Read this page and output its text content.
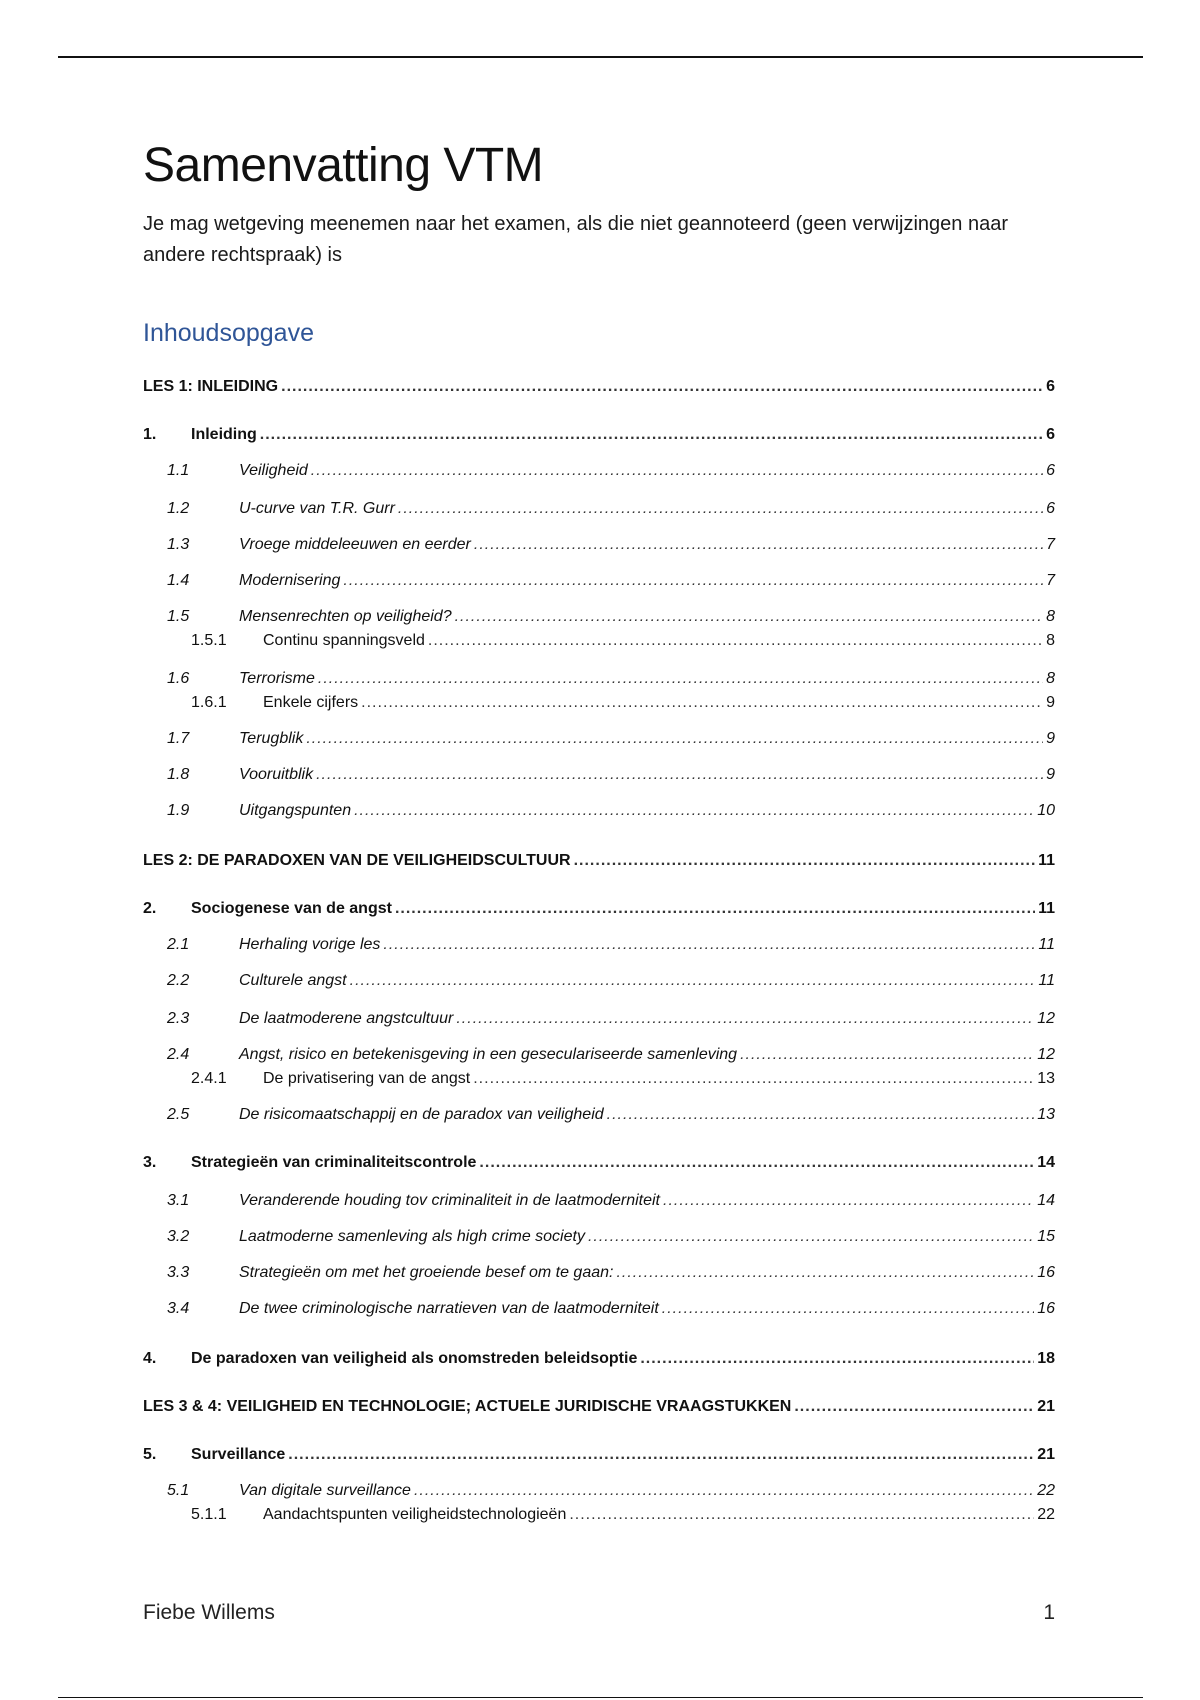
Samenvatting VTM

Je mag wetgeving meenemen naar het examen, als die niet geannoteerd (geen verwijzingen naar andere rechtspraak) is

Inhoudsopgave
LES 1: INLEIDING .....	6
1.	Inleiding .....	6
1.1	Veiligheid .....	6
1.2	U-curve van T.R. Gurr .....	6
1.3	Vroege middeleeuwen en eerder .....	7
1.4	Modernisering .....	7
1.5	Mensenrechten op veiligheid? .....	8
1.5.1	Continu spanningsveld .....	8
1.6	Terrorisme .....	8
1.6.1	Enkele cijfers .....	9
1.7	Terugblik .....	9
1.8	Vooruitblik .....	9
1.9	Uitgangspunten .....	10
LES 2: DE PARADOXEN VAN DE VEILIGHEIDSCULTUUR .....	11
2.	Sociogenese van de angst .....	11
2.1	Herhaling vorige les .....	11
2.2	Culturele angst .....	11
2.3	De laatmoderene angstcultuur .....	12
2.4	Angst, risico en betekenisgeving in een geseculariseerde samenleving .....	12
2.4.1	De privatisering van de angst .....	13
2.5	De risicomaatschappij en de paradox van veiligheid .....	13
3.	Strategieën van criminaliteitscontrole .....	14
3.1	Veranderende houding tov criminaliteit in de laatmoderniteit .....	14
3.2	Laatmoderne samenleving als high crime society .....	15
3.3	Strategieën om met het groeiende besef om te gaan: .....	16
3.4	De twee criminologische narratieven van de laatmoderniteit .....	16
4.	De paradoxen van veiligheid als onomstreden beleidsoptie .....	18
LES 3 & 4: VEILIGHEID EN TECHNOLOGIE; ACTUELE JURIDISCHE VRAAGSTUKKEN .....	21
5.	Surveillance .....	21
5.1	Van digitale surveillance .....	22
5.1.1	Aandachtspunten veiligheidstechnologieën .....	22
Fiebe Willems	1
